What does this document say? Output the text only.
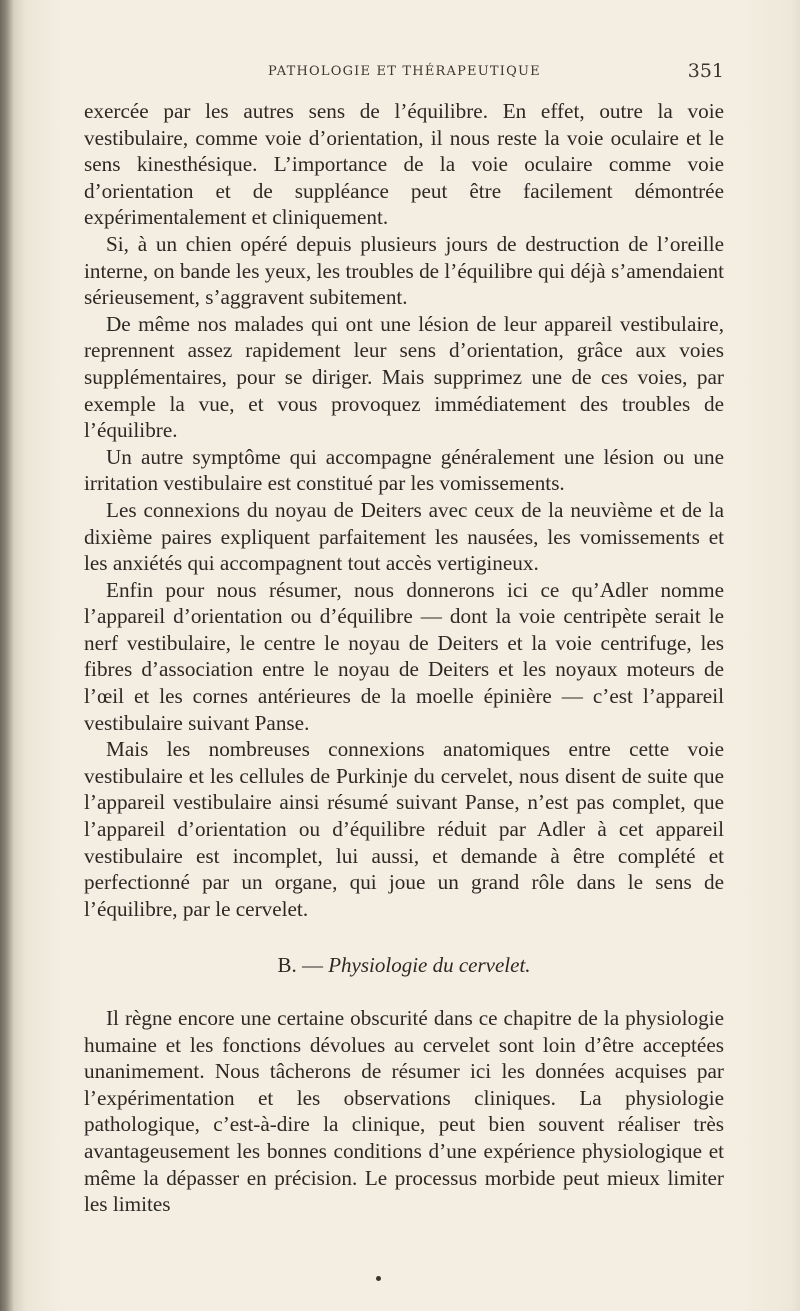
PATHOLOGIE ET THÉRAPEUTIQUE	351

exercée par les autres sens de l’équilibre. En effet, outre la voie vestibulaire, comme voie d’orientation, il nous reste la voie oculaire et le sens kinesthésique. L’importance de la voie oculaire comme voie d’orientation et de suppléance peut être facilement démontrée expérimentalement et cliniquement.

Si, à un chien opéré depuis plusieurs jours de destruction de l’oreille interne, on bande les yeux, les troubles de l’équilibre qui déjà s’amendaient sérieusement, s’aggravent subitement.

De même nos malades qui ont une lésion de leur appareil vestibulaire, reprennent assez rapidement leur sens d’orientation, grâce aux voies supplémentaires, pour se diriger. Mais supprimez une de ces voies, par exemple la vue, et vous provoquez immédiatement des troubles de l’équilibre.

Un autre symptôme qui accompagne généralement une lésion ou une irritation vestibulaire est constitué par les vomissements.

Les connexions du noyau de Deiters avec ceux de la neuvième et de la dixième paires expliquent parfaitement les nausées, les vomissements et les anxiétés qui accompagnent tout accès vertigineux.

Enfin pour nous résumer, nous donnerons ici ce qu’Adler nomme l’appareil d’orientation ou d’équilibre — dont la voie centripète serait le nerf vestibulaire, le centre le noyau de Deiters et la voie centrifuge, les fibres d’association entre le noyau de Deiters et les noyaux moteurs de l’œil et les cornes antérieures de la moelle épinière — c’est l’appareil vestibulaire suivant Panse.

Mais les nombreuses connexions anatomiques entre cette voie vestibulaire et les cellules de Purkinje du cervelet, nous disent de suite que l’appareil vestibulaire ainsi résumé suivant Panse, n’est pas complet, que l’appareil d’orientation ou d’équilibre réduit par Adler à cet appareil vestibulaire est incomplet, lui aussi, et demande à être complété et perfectionné par un organe, qui joue un grand rôle dans le sens de l’équilibre, par le cervelet.

B. — Physiologie du cervelet.

Il règne encore une certaine obscurité dans ce chapitre de la physiologie humaine et les fonctions dévolues au cervelet sont loin d’être acceptées unanimement. Nous tâcherons de résumer ici les données acquises par l’expérimentation et les observations cliniques. La physiologie pathologique, c’est-à-dire la clinique, peut bien souvent réaliser très avantageusement les bonnes conditions d’une expérience physiologique et même la dépasser en précision. Le processus morbide peut mieux limiter les limites
